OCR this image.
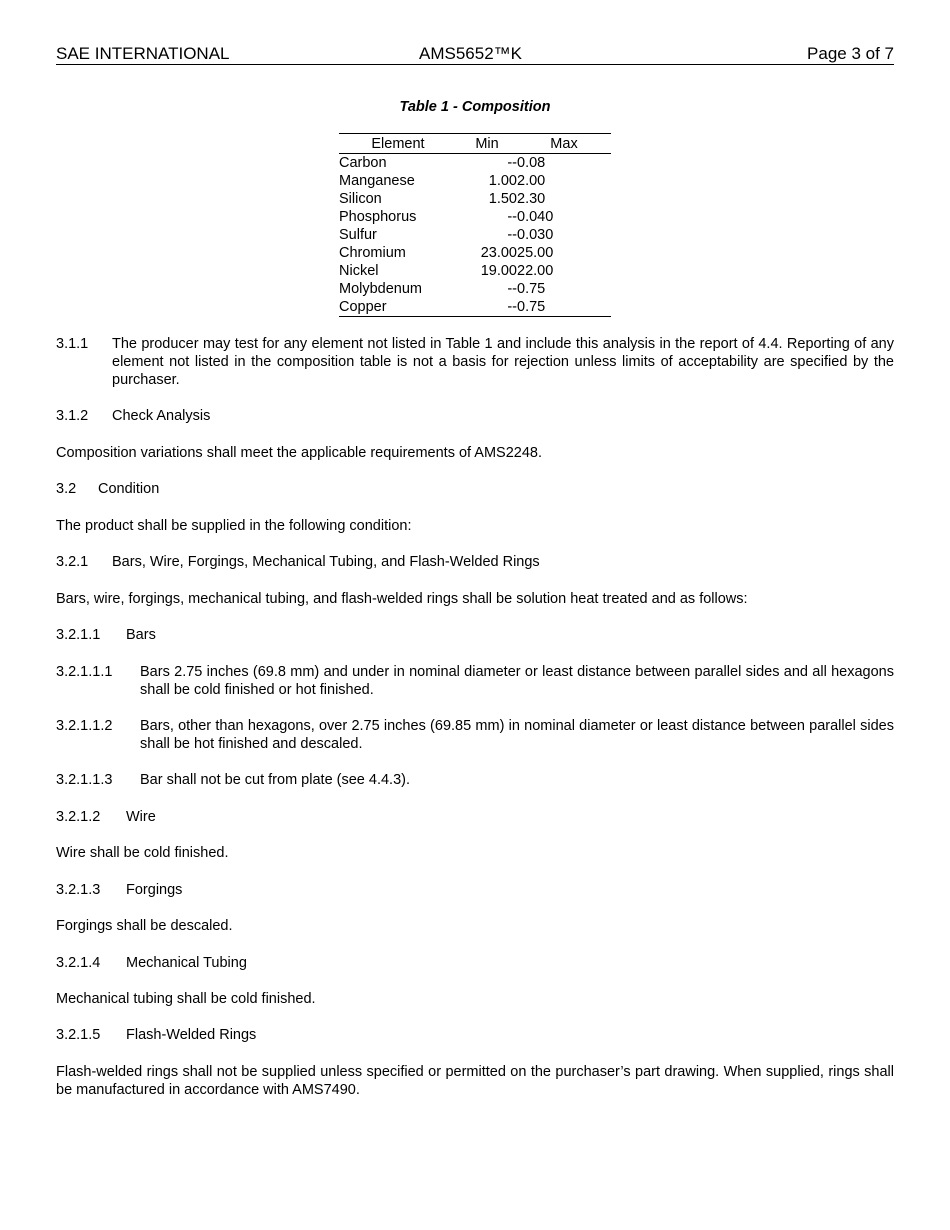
SAE INTERNATIONAL	AMS5652™K	Page 3 of 7
Table 1 - Composition
Element	Min	Max
Carbon	--	0.08
Manganese	1.00	2.00
Silicon	1.50	2.30
Phosphorus	--	0.040
Sulfur	--	0.030
Chromium	23.00	25.00
Nickel	19.00	22.00
Molybdenum	--	0.75
Copper	--	0.75
3.1.1 The producer may test for any element not listed in Table 1 and include this analysis in the report of 4.4. Reporting of any element not listed in the composition table is not a basis for rejection unless limits of acceptability are specified by the purchaser.
3.1.2 Check Analysis
Composition variations shall meet the applicable requirements of AMS2248.
3.2 Condition
The product shall be supplied in the following condition:
3.2.1 Bars, Wire, Forgings, Mechanical Tubing, and Flash-Welded Rings
Bars, wire, forgings, mechanical tubing, and flash-welded rings shall be solution heat treated and as follows:
3.2.1.1 Bars
3.2.1.1.1 Bars 2.75 inches (69.8 mm) and under in nominal diameter or least distance between parallel sides and all hexagons shall be cold finished or hot finished.
3.2.1.1.2 Bars, other than hexagons, over 2.75 inches (69.85 mm) in nominal diameter or least distance between parallel sides shall be hot finished and descaled.
3.2.1.1.3 Bar shall not be cut from plate (see 4.4.3).
3.2.1.2 Wire
Wire shall be cold finished.
3.2.1.3 Forgings
Forgings shall be descaled.
3.2.1.4 Mechanical Tubing
Mechanical tubing shall be cold finished.
3.2.1.5 Flash-Welded Rings
Flash-welded rings shall not be supplied unless specified or permitted on the purchaser’s part drawing. When supplied, rings shall be manufactured in accordance with AMS7490.
